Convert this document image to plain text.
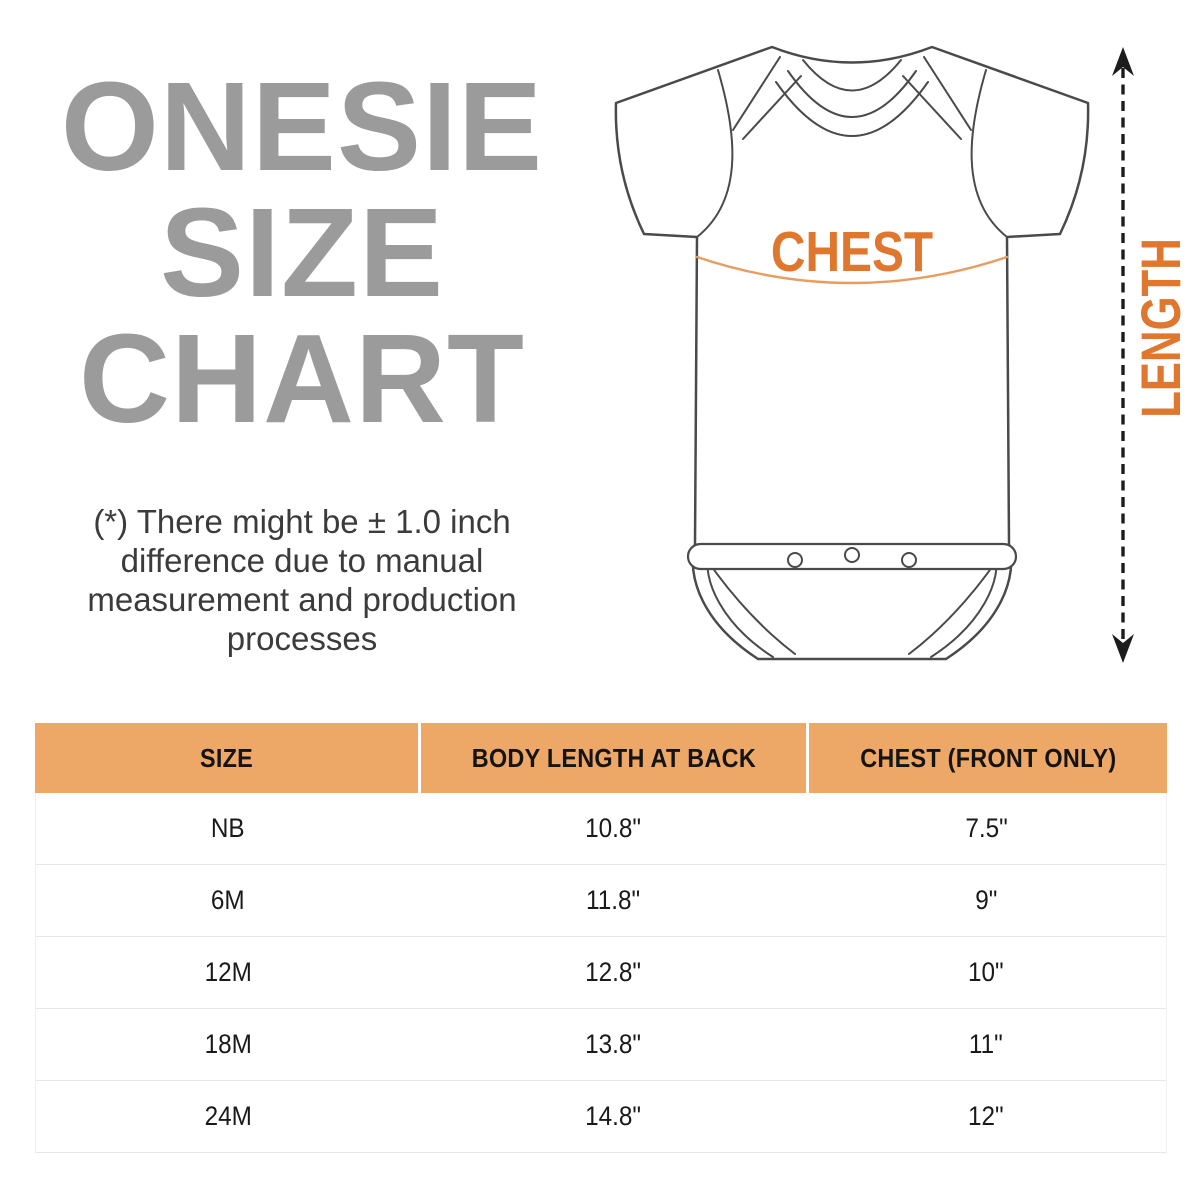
ONESIE
SIZE
CHART
(*) There might be ± 1.0 inch
difference due to manual
measurement and production
processes
CHEST	LENGTH
SIZE	BODY LENGTH AT BACK	CHEST (FRONT ONLY)
NB	10.8"	7.5"
6M	11.8"	9"
12M	12.8"	10"
18M	13.8"	11"
24M	14.8"	12"
